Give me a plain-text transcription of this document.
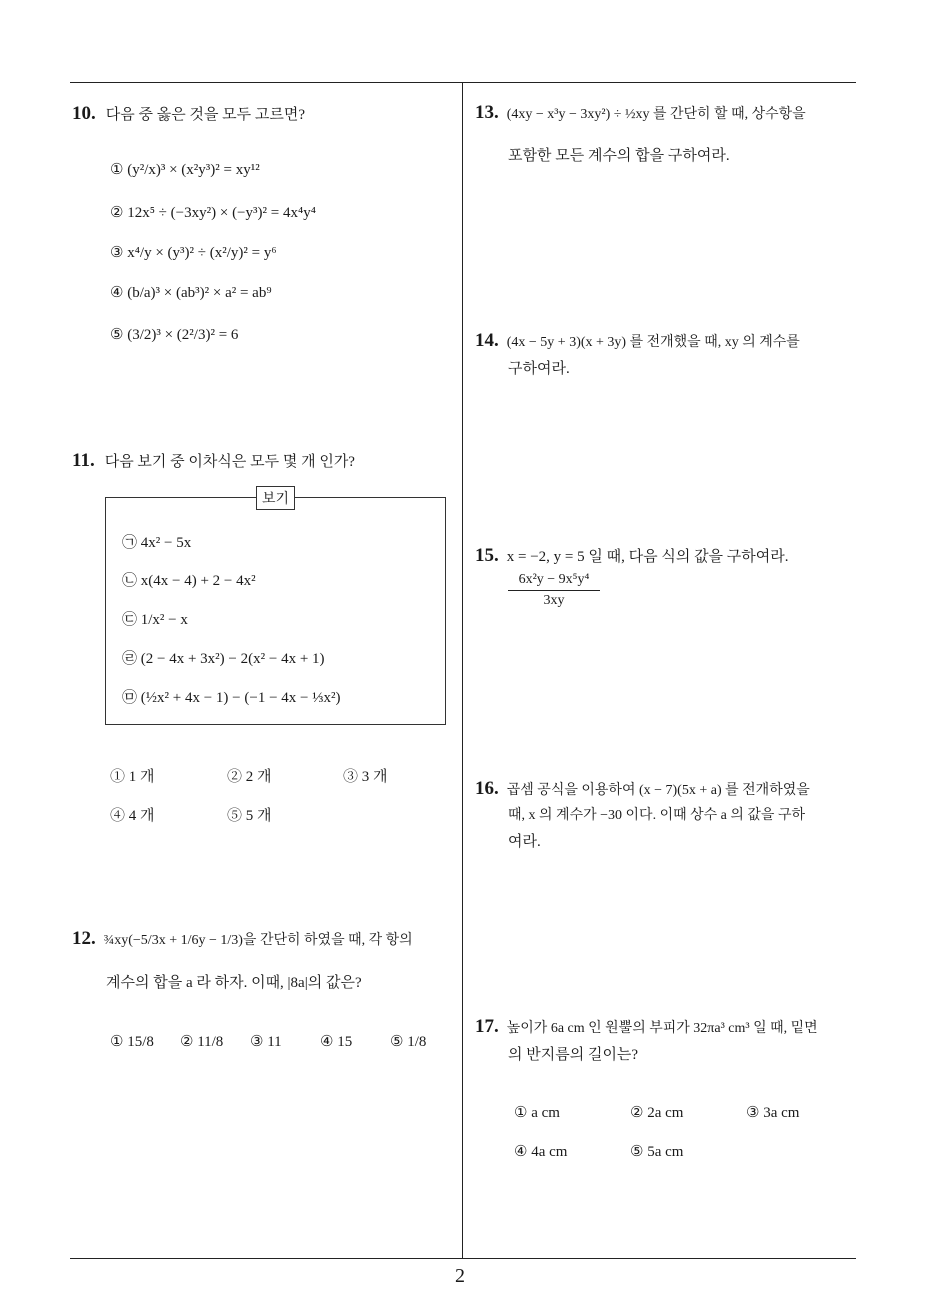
10. 다음 중 옳은 것을 모두 고르면?
① (y²/x)³ × (x²y³)² = xy¹²
② 12x⁵ ÷ (−3xy²) × (−y³)² = 4x⁴y⁴
③ x⁴/y × (y³)² ÷ (x²/y)² = y⁶
④ (b/a)³ × (ab³)² × a² = ab⁹
⑤ (3/2)³ × (2²/3)² = 6
11. 다음 보기 중 이차식은 모두 몇 개 인가?
보기
㉠ 4x² − 5x
㉡ x(4x − 4) + 2 − 4x²
㉢ 1/x² − x
㉣ (2 − 4x + 3x²) − 2(x² − 4x + 1)
㉤ (½x² + 4x − 1) − (−1 − 4x − ⅓x²)
① 1 개	② 2 개	③ 3 개
④ 4 개	⑤ 5 개
12. ¾xy(−5/3x + 1/6y − 1/3)을 간단히 하였을 때, 각 항의
계수의 합을 a 라 하자. 이때, |8a|의 값은?
① 15/8 ② 11/8 ③ 11	④ 15	⑤ 1/8
13. (4xy − x³y − 3xy²) ÷ ½xy 를 간단히 할 때, 상수항을
포함한 모든 계수의 합을 구하여라.
14. (4x − 5y + 3)(x + 3y) 를 전개했을 때, xy 의 계수를
구하여라.
15. x = −2, y = 5 일 때, 다음 식의 값을 구하여라.
$\frac{\text{6x²y − 9x⁵y⁴}}{3xy}$
16. 곱셈 공식을 이용하여 (x − 7)(5x + a) 를 전개하였을
때, x 의 계수가 −30 이다. 이때 상수 a 의 값을 구하
여라.
17. 높이가 6a cm 인 원뿔의 부피가 32πa³ cm³ 일 때, 밑면
의 반지름의 길이는?
① a cm	② 2a cm	③ 3a cm
④ 4a cm	⑤ 5a cm
2
